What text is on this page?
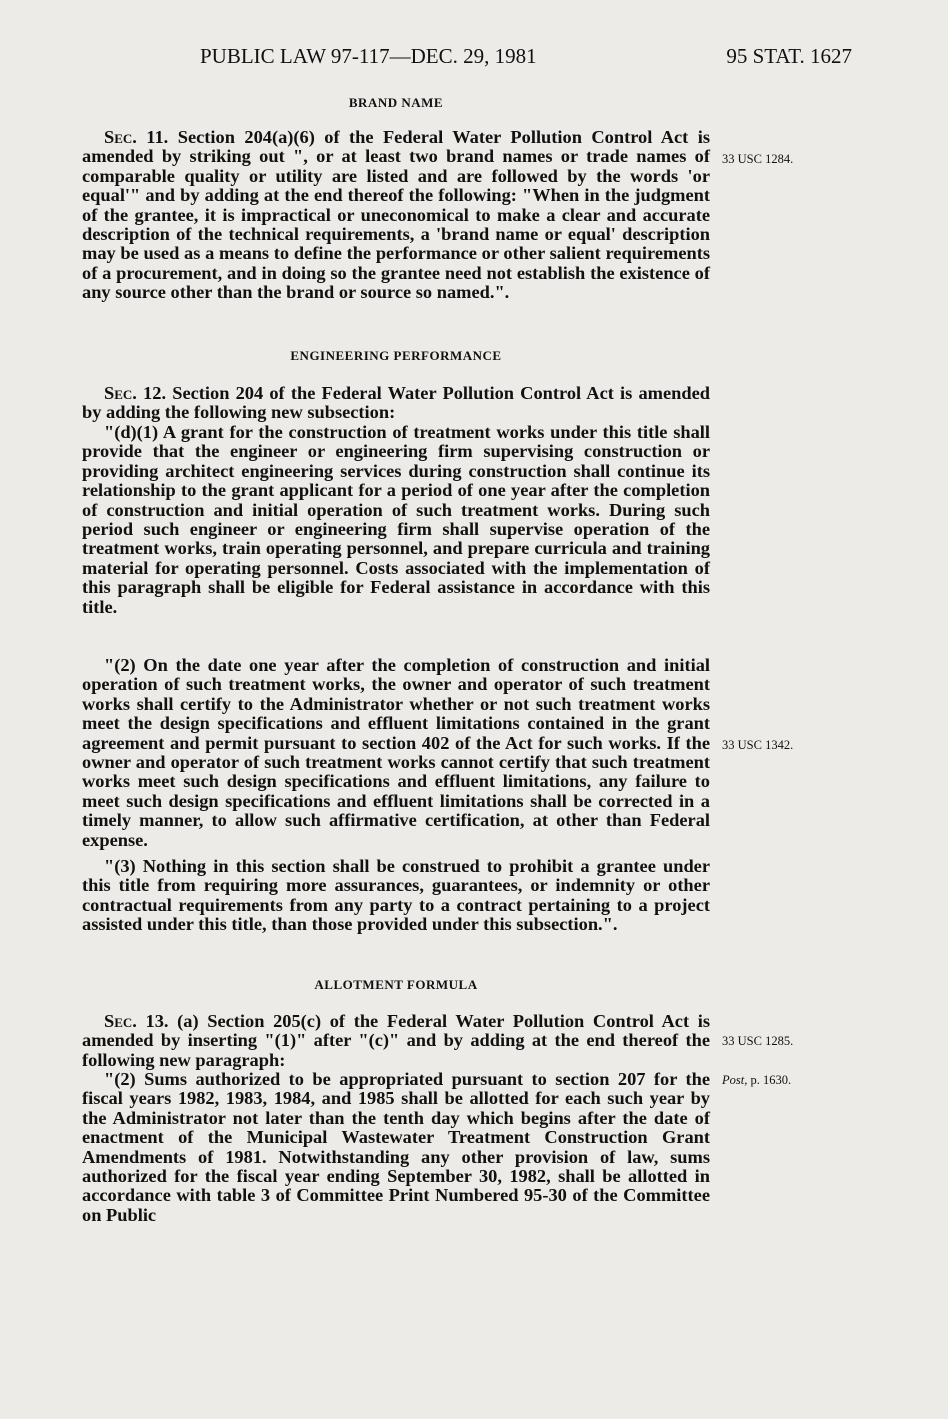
PUBLIC LAW 97-117—DEC. 29, 1981	95 STAT. 1627
BRAND NAME

Sec. 11. Section 204(a)(6) of the Federal Water Pollution Control Act is amended by striking out ", or at least two brand names or trade names of comparable quality or utility are listed and are followed by the words 'or equal'" and by adding at the end thereof the following: "When in the judgment of the grantee, it is impractical or uneconomical to make a clear and accurate description of the technical requirements, a 'brand name or equal' description may be used as a means to define the performance or other salient requirements of a procurement, and in doing so the grantee need not establish the existence of any source other than the brand or source so named.".

33 USC 1284.
ENGINEERING PERFORMANCE

Sec. 12. Section 204 of the Federal Water Pollution Control Act is amended by adding the following new subsection:

"(d)(1) A grant for the construction of treatment works under this title shall provide that the engineer or engineering firm supervising construction or providing architect engineering services during construction shall continue its relationship to the grant applicant for a period of one year after the completion of construction and initial operation of such treatment works. During such period such engineer or engineering firm shall supervise operation of the treatment works, train operating personnel, and prepare curricula and training material for operating personnel. Costs associated with the implementation of this paragraph shall be eligible for Federal assistance in accordance with this title.

"(2) On the date one year after the completion of construction and initial operation of such treatment works, the owner and operator of such treatment works shall certify to the Administrator whether or not such treatment works meet the design specifications and effluent limitations contained in the grant agreement and permit pursuant to section 402 of the Act for such works. If the owner and operator of such treatment works cannot certify that such treatment works meet such design specifications and effluent limitations, any failure to meet such design specifications and effluent limitations shall be corrected in a timely manner, to allow such affirmative certification, at other than Federal expense.

33 USC 1342.

"(3) Nothing in this section shall be construed to prohibit a grantee under this title from requiring more assurances, guarantees, or indemnity or other contractual requirements from any party to a contract pertaining to a project assisted under this title, than those provided under this subsection.".

ALLOTMENT FORMULA

Sec. 13. (a) Section 205(c) of the Federal Water Pollution Control Act is amended by inserting "(1)" after "(c)" and by adding at the end thereof the following new paragraph:

33 USC 1285.

"(2) Sums authorized to be appropriated pursuant to section 207 for the fiscal years 1982, 1983, 1984, and 1985 shall be allotted for each such year by the Administrator not later than the tenth day which begins after the date of enactment of the Municipal Wastewater Treatment Construction Grant Amendments of 1981. Notwithstanding any other provision of law, sums authorized for the fiscal year ending September 30, 1982, shall be allotted in accordance with table 3 of Committee Print Numbered 95-30 of the Committee on Public

Post, p. 1630.
